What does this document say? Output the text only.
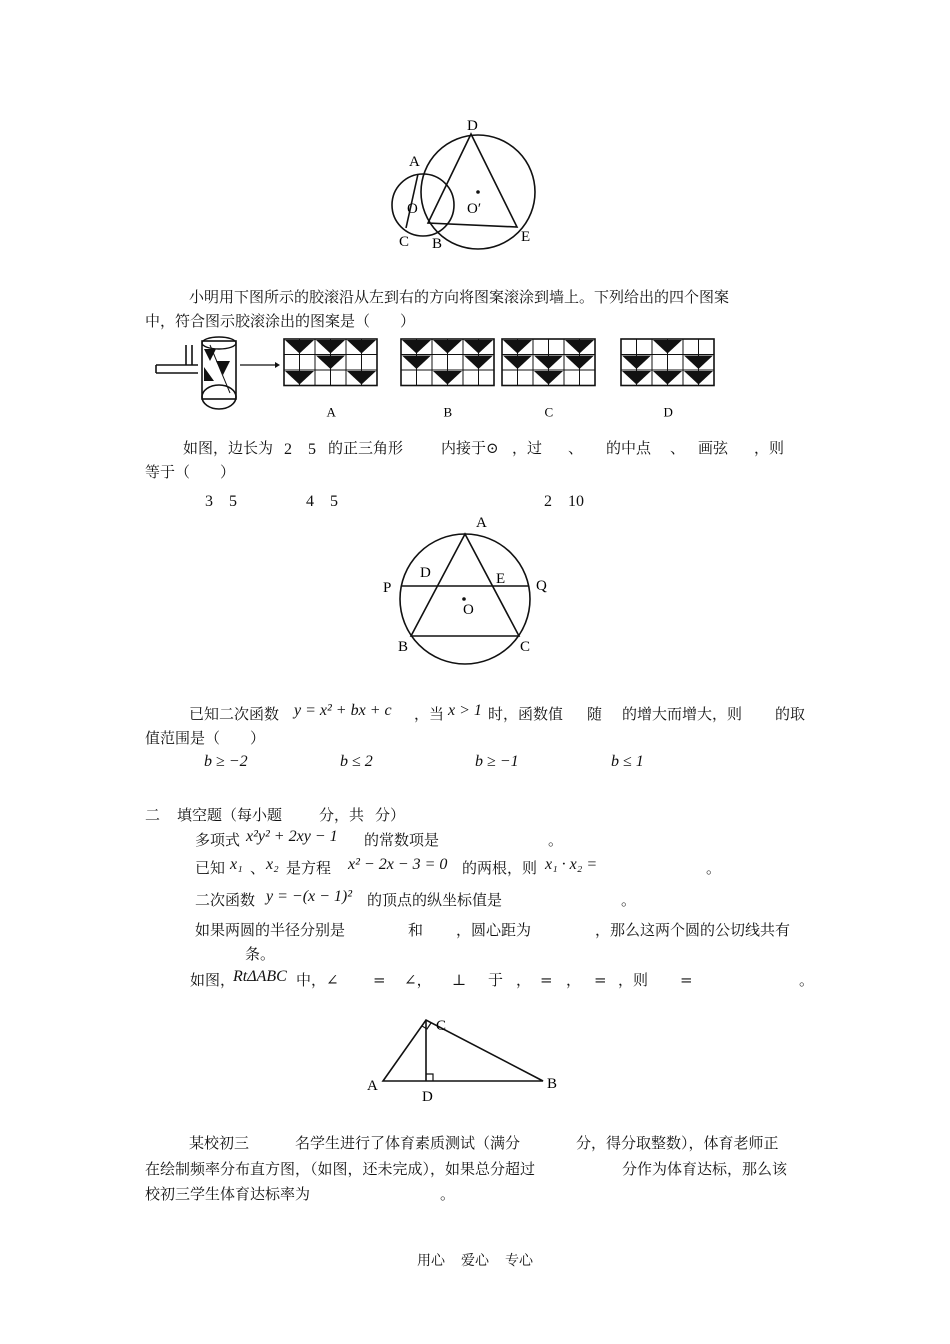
D
A
O	O′
C B	E
小明用下图所示的胶滚沿从左到右的方向将图案滚涂到墙上。下列给出的四个图案
中，符合图示胶滚涂出的图案是（　　）
A	B	C	D
如图，边长为 2　5 的正三角形	内接于⊙ ，过 、 的中点 、 画弦 ，则
等于（　　）
3　5	4　5	2　10
A
P
D	E Q
O
B	C
已知二次函数 y = x² + bx + c ，当 x > 1 时，函数值 随 的增大而增大，则 的取
值范围是（　　）
b ≥ −2	b ≤ 2	b ≥ −1	b ≤ 1
二 填空题（每小题 分，共 分）
多项式 x²y² + 2xy − 1 的常数项是	。
已知 x₁ 、 x₂ 是方程 x² − 2x − 3 = 0 的两根，则 x₁ · x₂ =	。
二次函数 y = −(x − 1)² 的顶点的纵坐标值是	。
如果两圆的半径分别是	和 ，圆心距为	，那么这两个圆的公切线共有
条。
如图，
RtΔABC 中，∠ = ∠， ⊥ 于 ， = ， = ，则 =	。
C
A
D
B
某校初三	名学生进行了体育素质测试（满分	分，得分取整数），体育老师正
在绘制频率分布直方图，（如图，还未完成），如果总分超过	分作为体育达标，那么该
校初三学生体育达标率为	。
用心 爱心 专心
